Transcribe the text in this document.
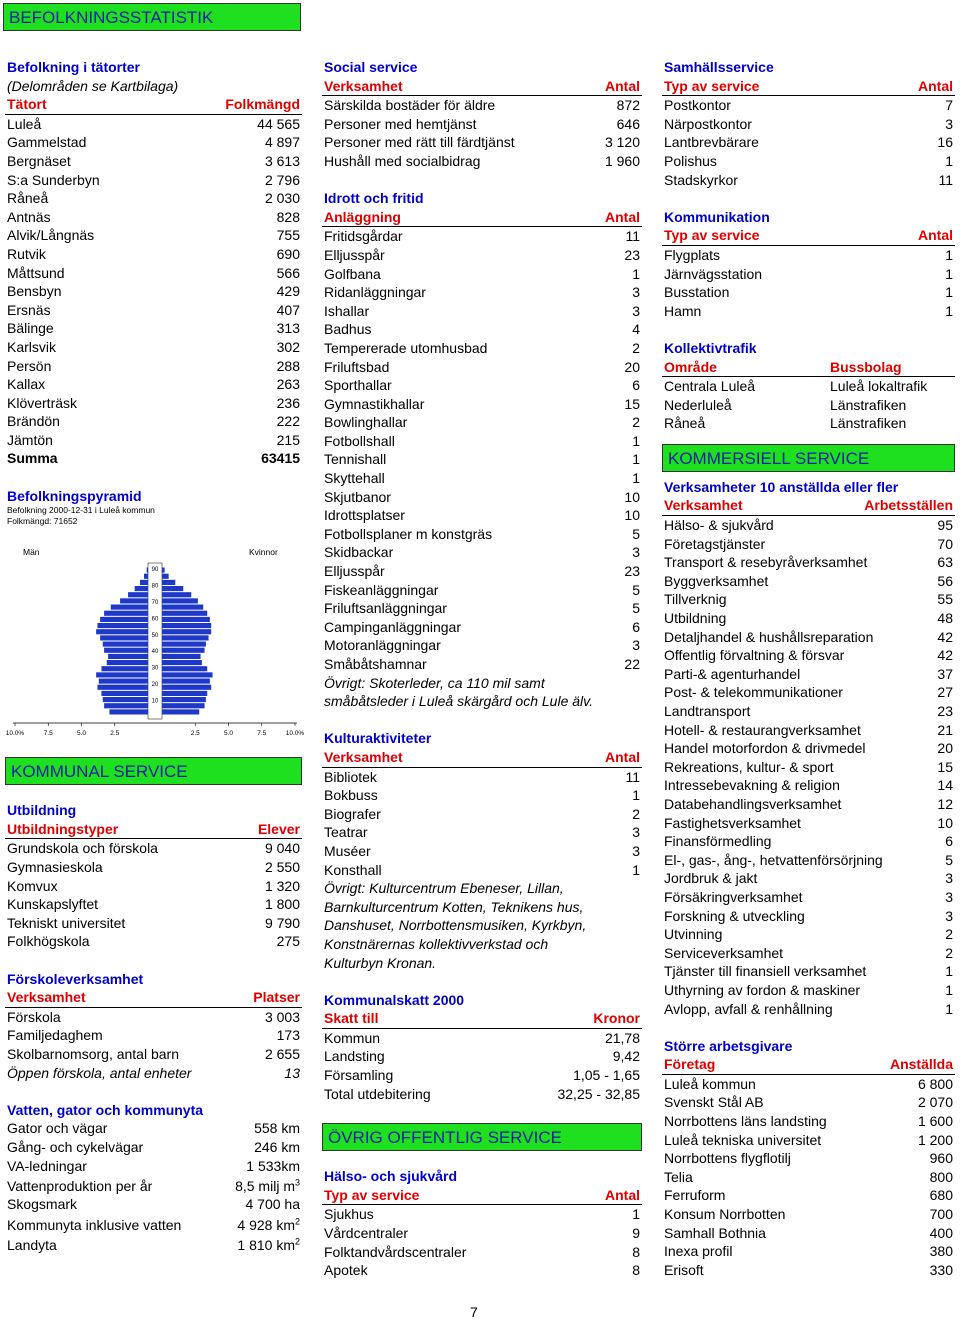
BEFOLKNINGSSTATISTIK
Befolkning i tätorter
(Delområden se Kartbilaga)
Tätort	Folkmängd
Luleå	44 565
Gammelstad	4 897
Bergnäset	3 613
S:a Sunderbyn	2 796
Råneå	2 030
Antnäs	828
Alvik/Långnäs	755
Rutvik	690
Måttsund	566
Bensbyn	429
Ersnäs	407
Bälinge	313
Karlsvik	302
Persön	288
Kallax	263
Klöverträsk	236
Brändön	222
Jämtön	215
Summa	63415
Befolkningspyramid
Befolkning 2000-12-31 i Luleå kommun
Folkmängd: 71652
Män	Kvinnor
90
80
70
60
50
40
30
20
10
10.0%	7.5	5.0	2.5	2.5	5.0	7.5	10.0%
KOMMUNAL SERVICE
Utbildning
Utbildningstyper	Elever
Grundskola och förskola	9 040
Gymnasieskola	2 550
Komvux	1 320
Kunskapslyftet	1 800
Tekniskt universitet	9 790
Folkhögskola	275
Förskoleverksamhet
Verksamhet	Platser
Förskola	3 003
Familjedaghem	173
Skolbarnomsorg, antal barn	2 655
Öppen förskola, antal enheter	13
Vatten, gator och kommunyta
Gator och vägar	558 km
Gång- och cykelvägar	246 km
VA-ledningar	1 533km
Vattenproduktion per år	8,5 milj $m^3$
Skogsmark	4 700 ha
Kommunyta inklusive vatten	4 928 $km^2$
Landyta	1 810 $km^2$
Social service
Verksamhet	Antal
Särskilda bostäder för äldre	872
Personer med hemtjänst	646
Personer med rätt till färdtjänst	3 120
Hushåll med socialbidrag	1 960
Idrott och fritid
Anläggning	Antal
Fritidsgårdar	11
Elljusspår	23
Golfbana	1
Ridanläggningar	3
Ishallar	3
Badhus	4
Tempererade utomhusbad	2
Friluftsbad	20
Sporthallar	6
Gymnastikhallar	15
Bowlinghallar	2
Fotbollshall	1
Tennishall	1
Skyttehall	1
Skjutbanor	10
Idrottsplatser	10
Fotbollsplaner m konstgräs	5
Skidbackar	3
Elljusspår	23
Fiskeanläggningar	5
Friluftsanläggningar	5
Campinganläggningar	6
Motoranläggningar	3
Småbåtshamnar	22
Övrigt: Skoterleder, ca 110 mil samt
småbåtsleder i Luleå skärgård och Lule älv.
Kulturaktiviteter
Verksamhet	Antal
Bibliotek	11
Bokbuss	1
Biografer	2
Teatrar	3
Muséer	3
Konsthall	1
Övrigt: Kulturcentrum Ebeneser, Lillan,
Barnkulturcentrum Kotten, Teknikens hus,
Danshuset, Norrbottensmusiken, Kyrkbyn,
Konstnärernas kollektivverkstad och
Kulturbyn Kronan.
Kommunalskatt 2000
Skatt till	Kronor
Kommun	21,78
Landsting	9,42
Församling	1,05 - 1,65
Total utdebitering	32,25 - 32,85
ÖVRIG OFFENTLIG SERVICE
Hälso- och sjukvård
Typ av service	Antal
Sjukhus	1
Vårdcentraler	9
Folktandvårdscentraler	8
Apotek	8
Samhällsservice
Typ av service	Antal
Postkontor	7
Närpostkontor	3
Lantbrevbärare	16
Polishus	1
Stadskyrkor	11
Kommunikation
Typ av service	Antal
Flygplats	1
Järnvägsstation	1
Busstation	1
Hamn	1
Kollektivtrafik
Område	Bussbolag
Centrala Luleå	Luleå lokaltrafik
Nederluleå	Länstrafiken
Råneå	Länstrafiken
KOMMERSIELL SERVICE
Verksamheter 10 anställda eller fler
Verksamhet	Arbetsställen
Hälso- & sjukvård	95
Företagstjänster	70
Transport & resebyråverksamhet	63
Byggverksamhet	56
Tillverknig	55
Utbildning	48
Detaljhandel & hushållsreparation	42
Offentlig förvaltning & försvar	42
Parti-& agenturhandel	37
Post- & telekommunikationer	27
Landtransport	23
Hotell- & restaurangverksamhet	21
Handel motorfordon & drivmedel	20
Rekreations, kultur- & sport	15
Intressebevakning & religion	14
Databehandlingsverksamhet	12
Fastighetsverksamhet	10
Finansförmedling	6
El-, gas-, ång-, hetvattenförsörjning	5
Jordbruk & jakt	3
Försäkringverksamhet	3
Forskning & utveckling	3
Utvinning	2
Serviceverksamhet	2
Tjänster till finansiell verksamhet	1
Uthyrning av fordon & maskiner	1
Avlopp, avfall & renhållning	1
Större arbetsgivare
Företag	Anställda
Luleå kommun	6 800
Svenskt Stål AB	2 070
Norrbottens läns landsting	1 600
Luleå tekniska universitet	1 200
Norrbottens flygflotilj	960
Telia	800
Ferruform	680
Konsum Norrbotten	700
Samhall Bothnia	400
Inexa profil	380
Erisoft	330
7
